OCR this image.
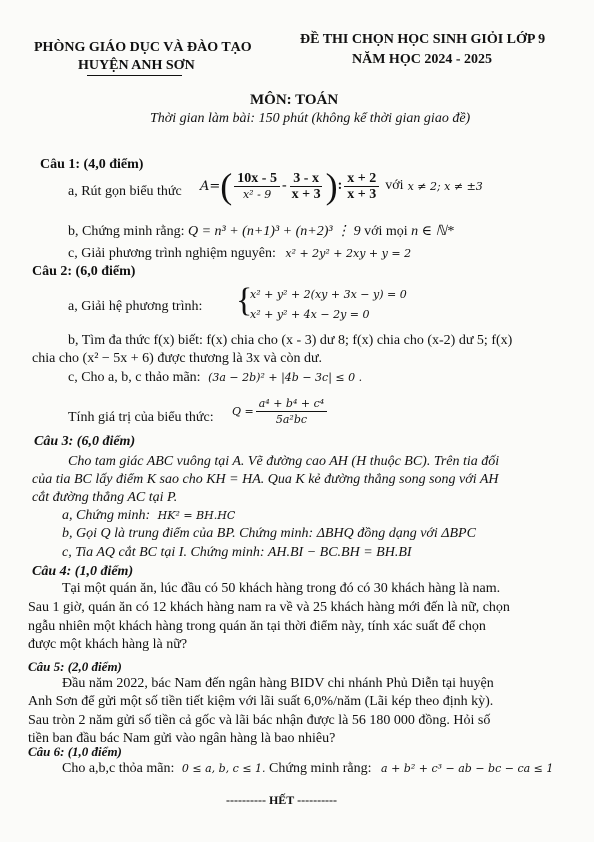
PHÒNG GIÁO DỤC VÀ ĐÀO TẠO
HUYỆN ANH SƠN
ĐỀ THI CHỌN HỌC SINH GIỎI LỚP 9
NĂM HỌC 2024 - 2025
MÔN: TOÁN
Thời gian làm bài: 150 phút (không kể thời gian giao đề)
Câu 1: (4,0 điểm)
a, Rút gọn biểu thức A= ( $\frac{10x - 5}{\text{x² - 9}} - \frac{3 - x}{x + 3}$ ) : $\frac{x + 2}{x + 3}$ với x ≠ 2; x ≠ ±3
b, Chứng minh rằng: Q = n³ + (n+1)³ + (n+2)³ ⋮ 9 với mọi n ∈ ℕ*
c, Giải phương trình nghiệm nguyên: x² + 2y² + 2xy + y = 2
Câu 2: (6,0 điểm)
a, Giải hệ phương trình: {
x² + y² + 2(xy + 3x − y) = 0
x² + y² + 4x − 2y = 0
b, Tìm đa thức f(x) biết: f(x) chia cho (x - 3) dư 8; f(x) chia cho (x-2) dư 5; f(x)
chia cho (x² − 5x + 6) được thương là 3x và còn dư.
c, Cho a, b, c thảo mãn: (3a − 2b)² + |4b − 3c| ≤ 0 .
Tính giá trị của biểu thức: $Q = \frac{\text{a⁴ + b⁴ + c⁴}}{\text{5a²bc}}$
Câu 3: (6,0 điểm)
Cho tam giác ABC vuông tại A. Vẽ đường cao AH (H thuộc BC). Trên tia đối
của tia BC lấy điểm K sao cho KH = HA. Qua K kẻ đường thẳng song song với AH
cắt đường thẳng AC tại P.
a, Chứng minh: HK² = BH.HC
b, Gọi Q là trung điểm của BP. Chứng minh: ΔBHQ đồng dạng với ΔBPC
c, Tia AQ cắt BC tại I. Chứng minh: AH.BI − BC.BH = BH.BI
Câu 4: (1,0 điểm)
Tại một quán ăn, lúc đầu có 50 khách hàng trong đó có 30 khách hàng là nam.
Sau 1 giờ, quán ăn có 12 khách hàng nam ra về và 25 khách hàng mới đến là nữ, chọn
ngẫu nhiên một khách hàng trong quán ăn tại thời điểm này, tính xác suất để chọn
được một khách hàng là nữ?
Câu 5: (2,0 điểm)
Đầu năm 2022, bác Nam đến ngân hàng BIDV chi nhánh Phủ Diễn tại huyện
Anh Sơn để gửi một số tiền tiết kiệm với lãi suất 6,0%/năm (Lãi kép theo định kỳ).
Sau tròn 2 năm gửi số tiền cả gốc và lãi bác nhận được là 56 180 000 đồng. Hỏi số
tiền ban đầu bác Nam gửi vào ngân hàng là bao nhiêu?
Câu 6: (1,0 điểm)
Cho a,b,c thỏa mãn: 0 ≤ a, b, c ≤ 1. Chứng minh rằng: a + b² + c³ − ab − bc − ca ≤ 1
---------- HẾT ----------
